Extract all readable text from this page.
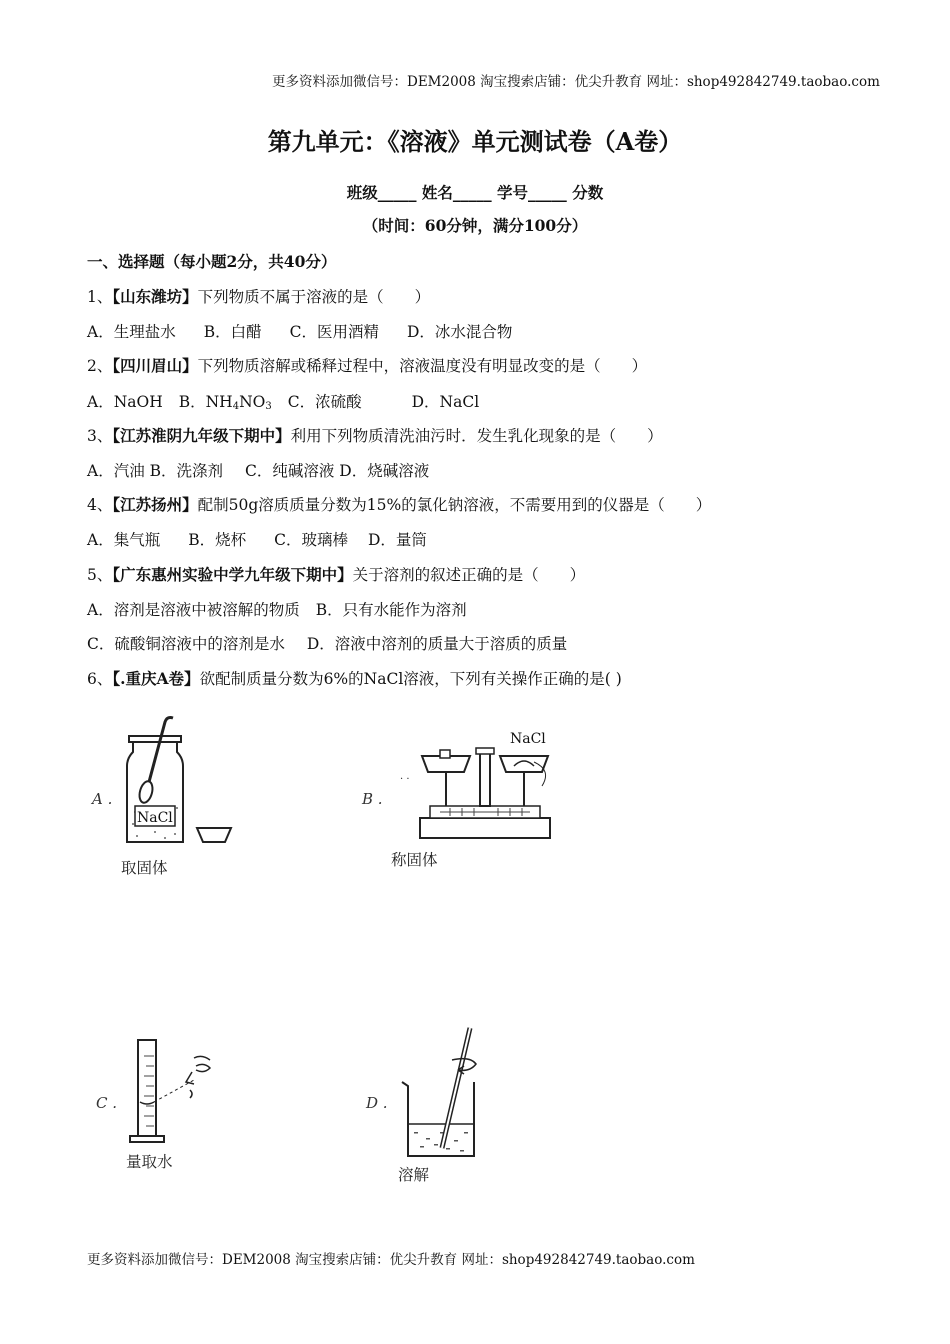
更多资料添加微信号：DEM2008 淘宝搜索店铺：优尖升教育 网址：shop492842749.taobao.com
第九单元：《溶液》单元测试卷（A卷）
班级_____ 姓名_____ 学号_____ 分数
（时间：60分钟，满分100分）
一、选择题（每小题2分，共40分）
1、【山东潍坊】下列物质不属于溶液的是（　　）
A．生理盐水 B．白醋 C．医用酒精 D．冰水混合物
2、【四川眉山】下列物质溶解或稀释过程中，溶液温度没有明显改变的是（　　）
A．NaOH B．$NH_4NO_3$ C．浓硫酸	D．NaCl
3、【江苏淮阴九年级下期中】利用下列物质清洗油污时．发生乳化现象的是（　　）
A．汽油 B．洗涤剂 C．纯碱溶液 D．烧碱溶液
4、【江苏扬州】配制50g溶质质量分数为15%的氯化钠溶液，不需要用到的仪器是（　　）
A．集气瓶 B．烧杯 C．玻璃棒 D．量筒
5、【广东惠州实验中学九年级下期中】关于溶剂的叙述正确的是（　　）
A．溶剂是溶液中被溶解的物质 B．只有水能作为溶剂
C．硫酸铜溶液中的溶剂是水 D．溶液中溶剂的质量大于溶质的质量
6、【.重庆A卷】欲配制质量分数为6%的NaCl溶液，下列有关操作正确的是( )
A .
NaCl
取固体
B .
· ·
NaCl
称固体
C .
量取水
D .
溶解
更多资料添加微信号：DEM2008 淘宝搜索店铺：优尖升教育 网址：shop492842749.taobao.com
